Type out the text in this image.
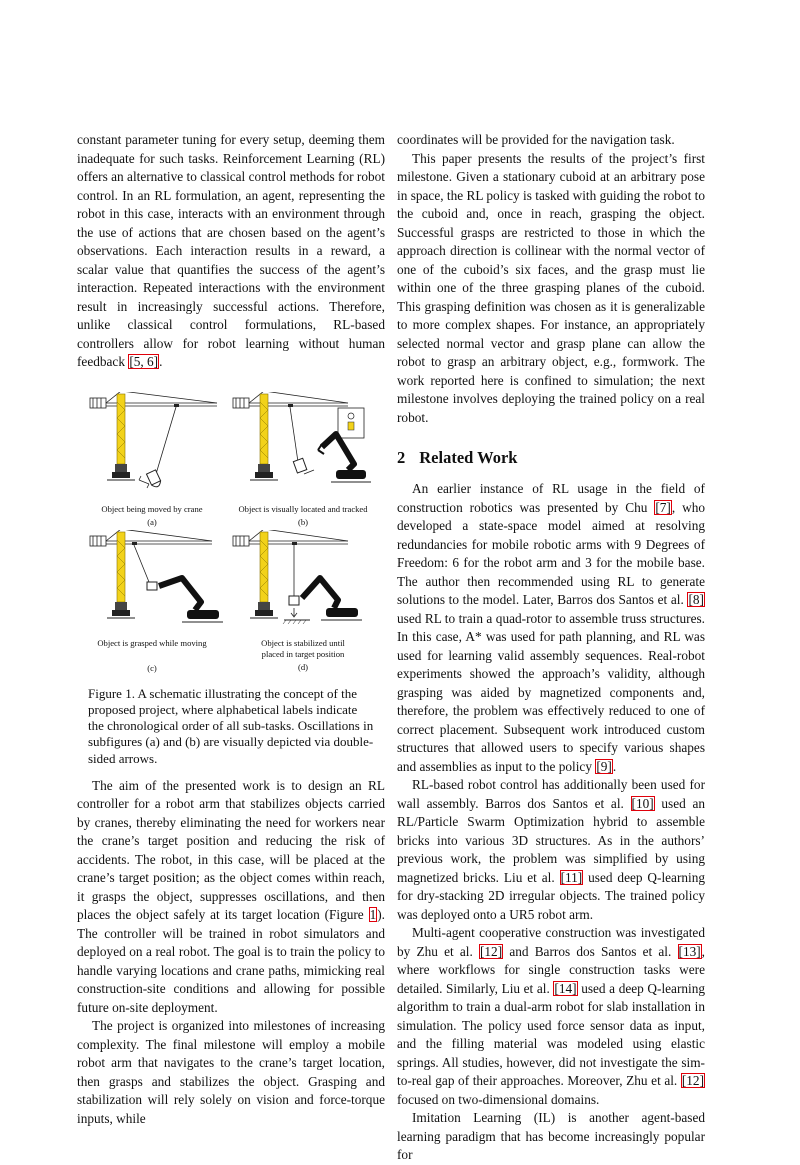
constant parameter tuning for every setup, deeming them inadequate for such tasks. Reinforcement Learning (RL) offers an alternative to classical control methods for robot control. In an RL formulation, an agent, representing the robot in this case, interacts with an environment through the use of actions that are chosen based on the agent’s observations. Each interaction results in a reward, a scalar value that quantifies the success of the agent’s interaction. Repeated interactions with the environment result in increasingly successful actions. Therefore, unlike classical control formulations, RL-based controllers allow for robot learning without human feedback [5, 6].

Object being moved by crane
(a)
Object is visually located and tracked
(b)
Object is grasped while moving
(c)
Object is stabilized until
placed in target position
(d)
Figure 1. A schematic illustrating the concept of the proposed project, where alphabetical labels indicate the chronological order of all sub-tasks. Oscillations in subfigures (a) and (b) are visually depicted via double-sided arrows.

The aim of the presented work is to design an RL controller for a robot arm that stabilizes objects carried by cranes, thereby eliminating the need for workers near the crane’s target position and reducing the risk of accidents. The robot, in this case, will be placed at the crane’s target position; as the object comes within reach, it grasps the object, suppresses oscillations, and then places the object safely at its target location (Figure 1). The controller will be trained in robot simulators and deployed on a real robot. The goal is to train the policy to handle varying locations and crane paths, mimicking real construction-site conditions and allowing for possible future on-site deployment.

The project is organized into milestones of increasing complexity. The final milestone will employ a mobile robot arm that navigates to the crane’s target location, then grasps and stabilizes the object. Grasping and stabilization will rely solely on vision and force-torque inputs, while

coordinates will be provided for the navigation task.

This paper presents the results of the project’s first milestone. Given a stationary cuboid at an arbitrary pose in space, the RL policy is tasked with guiding the robot to the cuboid and, once in reach, grasping the object. Successful grasps are restricted to those in which the approach direction is collinear with the normal vector of one of the cuboid’s six faces, and the grasp must lie within one of the three grasping planes of the cuboid. This grasping definition was chosen as it is generalizable to more complex shapes. For instance, an appropriately selected normal vector and grasp plane can allow the robot to grasp an arbitrary object, e.g., formwork. The work reported here is confined to simulation; the next milestone involves deploying the trained policy on a real robot.

2 Related Work

An earlier instance of RL usage in the field of construction robotics was presented by Chu [7], who developed a state-space model aimed at resolving redundancies for mobile robotic arms with 9 Degrees of Freedom: 6 for the robot arm and 3 for the mobile base. The author then recommended using RL to generate solutions to the model. Later, Barros dos Santos et al. [8] used RL to train a quad-rotor to assemble truss structures. In this case, A* was used for path planning, and RL was used for learning valid assembly sequences. Real-robot experiments showed the approach’s validity, although grasping was aided by magnetized components and, therefore, the problem was effectively reduced to one of correct placement. Subsequent work introduced custom structures that allowed users to specify various shapes and assemblies as input to the policy [9].

RL-based robot control has additionally been used for wall assembly. Barros dos Santos et al. [10] used an RL/Particle Swarm Optimization hybrid to assemble bricks into various 3D structures. As in the authors’ previous work, the problem was simplified by using magnetized bricks. Liu et al. [11] used deep Q-learning for dry-stacking 2D irregular objects. The trained policy was deployed onto a UR5 robot arm.

Multi-agent cooperative construction was investigated by Zhu et al. [12] and Barros dos Santos et al. [13], where workflows for single construction tasks were detailed. Similarly, Liu et al. [14] used a deep Q-learning algorithm to train a dual-arm robot for slab installation in simulation. The policy used force sensor data as input, and the filling material was modeled using elastic springs. All studies, however, did not investigate the sim-to-real gap of their approaches. Moreover, Zhu et al. [12] focused on two-dimensional domains.

Imitation Learning (IL) is another agent-based learning paradigm that has become increasingly popular for
